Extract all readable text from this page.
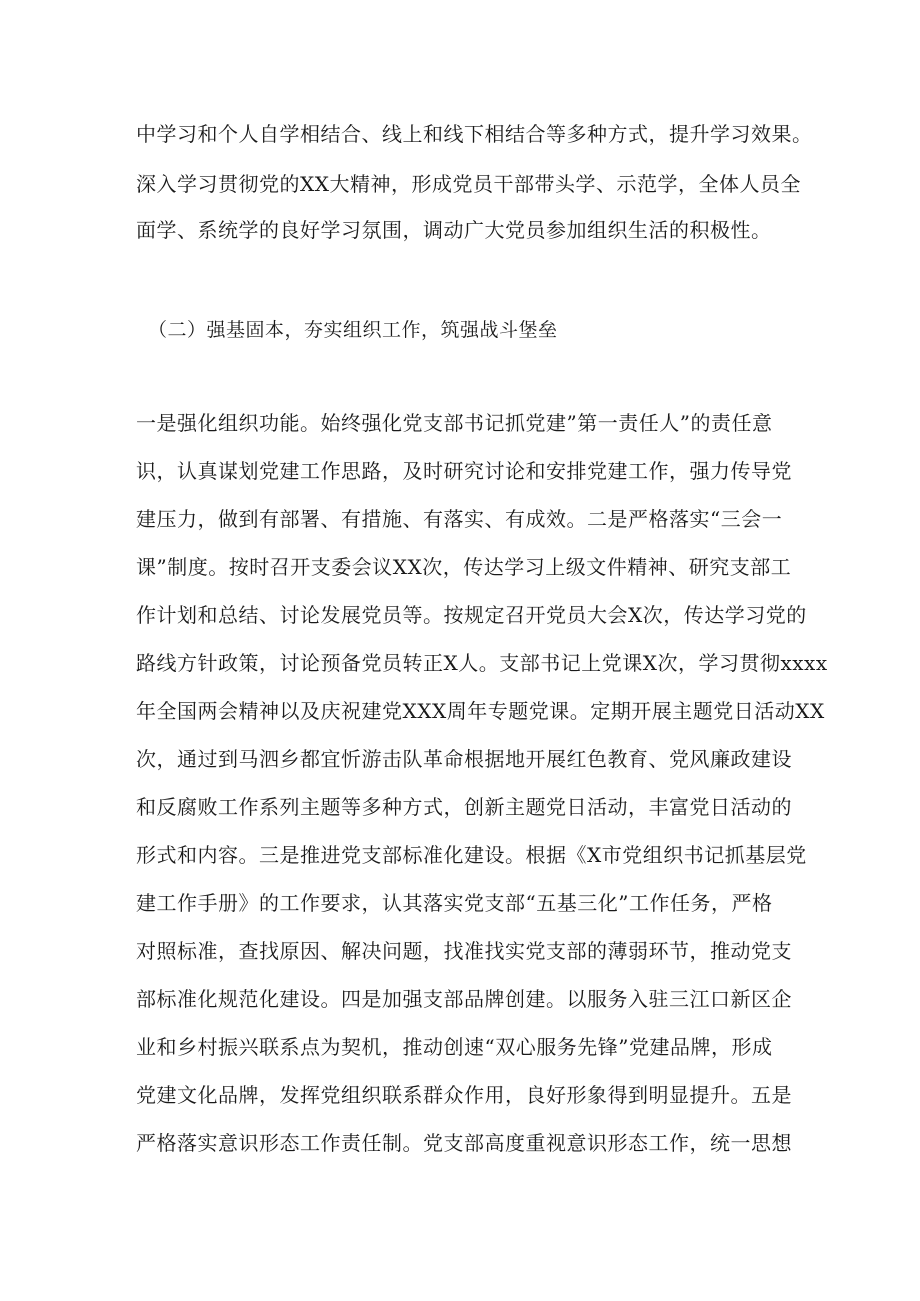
中学习和个人自学相结合、线上和线下相结合等多种方式，提升学习效果。
深入学习贯彻党的XX大精神，形成党员干部带头学、示范学，全体人员全
面学、系统学的良好学习氛围，调动广大党员参加组织生活的积极性。
（二）强基固本，夯实组织工作，筑强战斗堡垒
一是强化组织功能。始终强化党支部书记抓党建”第一责任人”的责任意
识，认真谋划党建工作思路，及时研究讨论和安排党建工作，强力传导党
建压力，做到有部署、有措施、有落实、有成效。二是严格落实“三会一
课”制度。按时召开支委会议XX次，传达学习上级文件精神、研究支部工
作计划和总结、讨论发展党员等。按规定召开党员大会X次，传达学习党的
路线方针政策，讨论预备党员转正X人。支部书记上党课X次，学习贯彻xxxx
年全国两会精神以及庆祝建党XXX周年专题党课。定期开展主题党日活动XX
次，通过到马泗乡都宜忻游击队革命根据地开展红色教育、党风廉政建设
和反腐败工作系列主题等多种方式，创新主题党日活动，丰富党日活动的
形式和内容。三是推进党支部标准化建设。根据《X市党组织书记抓基层党
建工作手册》的工作要求，认其落实党支部“五基三化”工作任务，严格
对照标准，查找原因、解决问题，找准找实党支部的薄弱环节，推动党支
部标准化规范化建设。四是加强支部品牌创建。以服务入驻三江口新区企
业和乡村振兴联系点为契机，推动创速“双心服务先锋”党建品牌，形成
党建文化品牌，发挥党组织联系群众作用，良好形象得到明显提升。五是
严格落实意识形态工作责任制。党支部高度重视意识形态工作，统一思想
